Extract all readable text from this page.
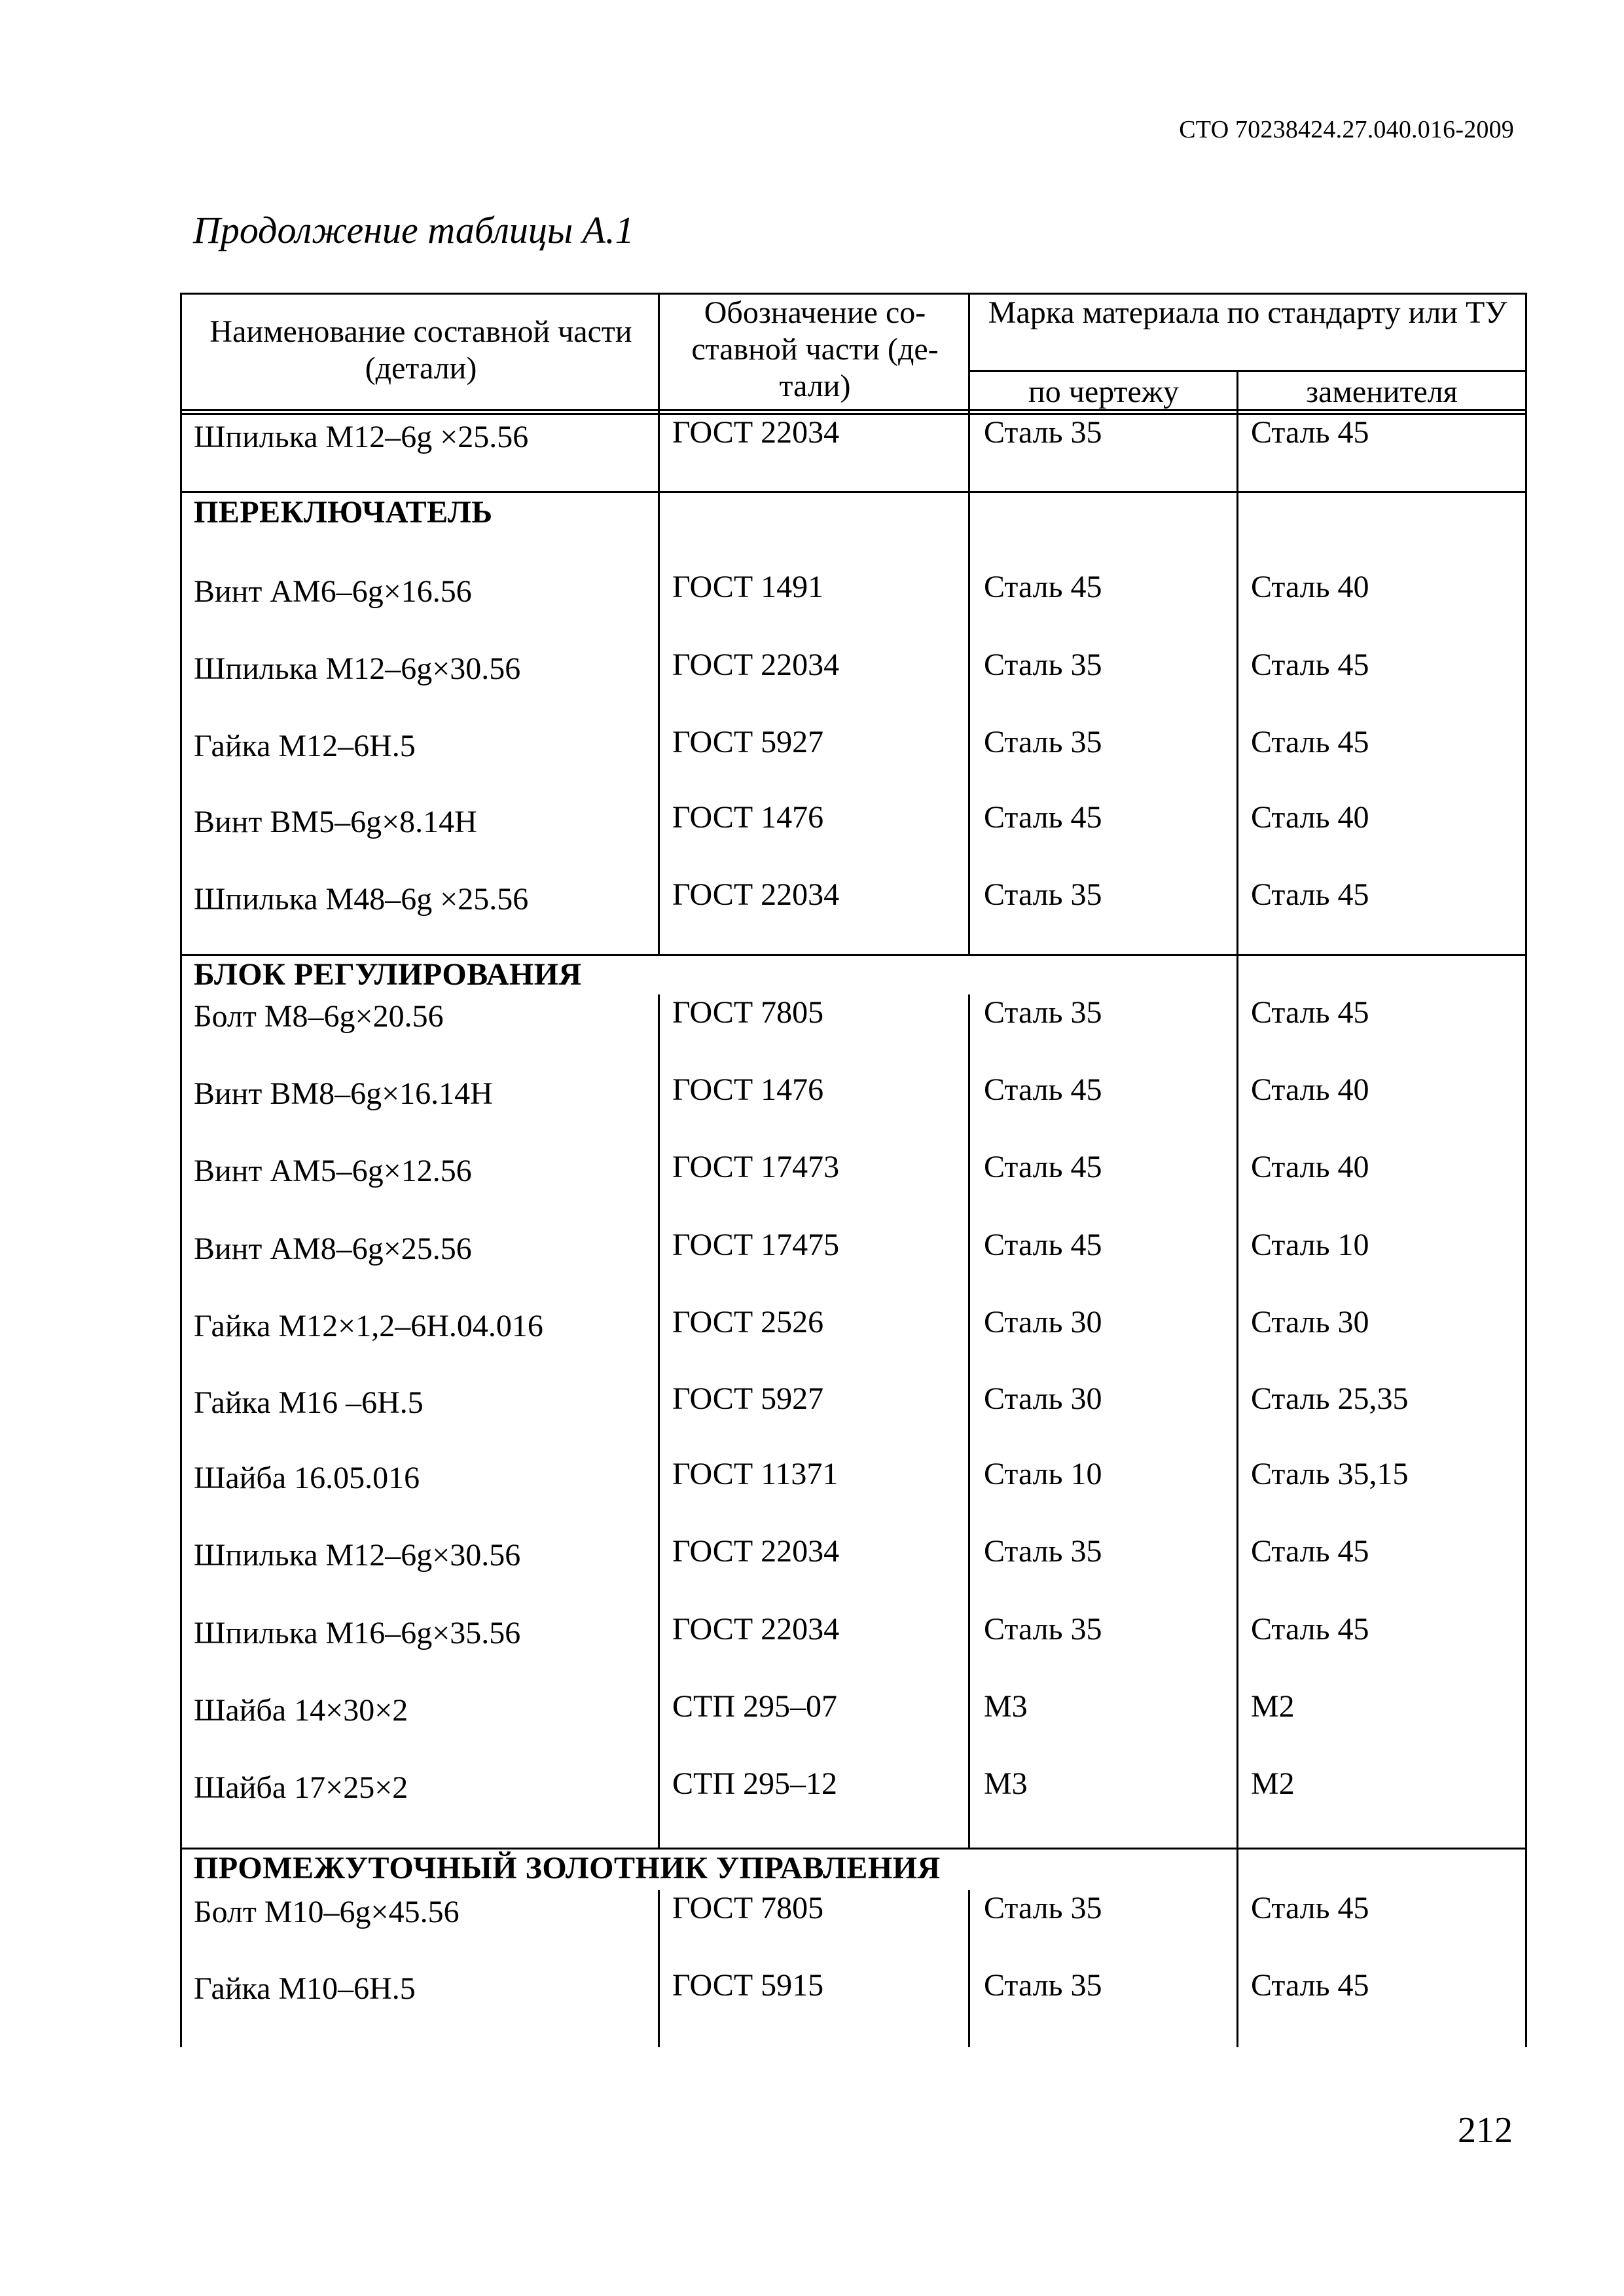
СТО 70238424.27.040.016-2009
Продолжение таблицы А.1
Наименование составной части (детали)
Обозначение со-ставной части (де-тали)
Марка материала по стандарту или ТУ
по чертежу	заменителя
Шпилька М12–6g ×25.56	ГОСТ 22034	Сталь 35	Сталь 45
ПЕРЕКЛЮЧАТЕЛЬ
Винт АМ6–6g×16.56	ГОСТ 1491	Сталь 45	Сталь 40
Шпилька М12–6g×30.56	ГОСТ 22034	Сталь 35	Сталь 45
Гайка М12–6Н.5	ГОСТ 5927	Сталь 35	Сталь 45
Винт ВМ5–6g×8.14Н	ГОСТ 1476	Сталь 45	Сталь 40
Шпилька М48–6g ×25.56	ГОСТ 22034	Сталь 35	Сталь 45
БЛОК РЕГУЛИРОВАНИЯ
Болт М8–6g×20.56	ГОСТ 7805	Сталь 35	Сталь 45
Винт ВМ8–6g×16.14Н	ГОСТ 1476	Сталь 45	Сталь 40
Винт АМ5–6g×12.56	ГОСТ 17473	Сталь 45	Сталь 40
Винт АМ8–6g×25.56	ГОСТ 17475	Сталь 45	Сталь 10
Гайка М12×1,2–6Н.04.016	ГОСТ 2526	Сталь 30	Сталь 30
Гайка М16 –6Н.5	ГОСТ 5927	Сталь 30	Сталь 25,35
Шайба 16.05.016	ГОСТ 11371	Сталь 10	Сталь 35,15
Шпилька М12–6g×30.56	ГОСТ 22034	Сталь 35	Сталь 45
Шпилька М16–6g×35.56	ГОСТ 22034	Сталь 35	Сталь 45
Шайба 14×30×2	СТП 295–07	М3	М2
Шайба 17×25×2	СТП 295–12	М3	М2
ПРОМЕЖУТОЧНЫЙ ЗОЛОТНИК УПРАВЛЕНИЯ
Болт М10–6g×45.56	ГОСТ 7805	Сталь 35	Сталь 45
Гайка М10–6Н.5	ГОСТ 5915	Сталь 35	Сталь 45
212
